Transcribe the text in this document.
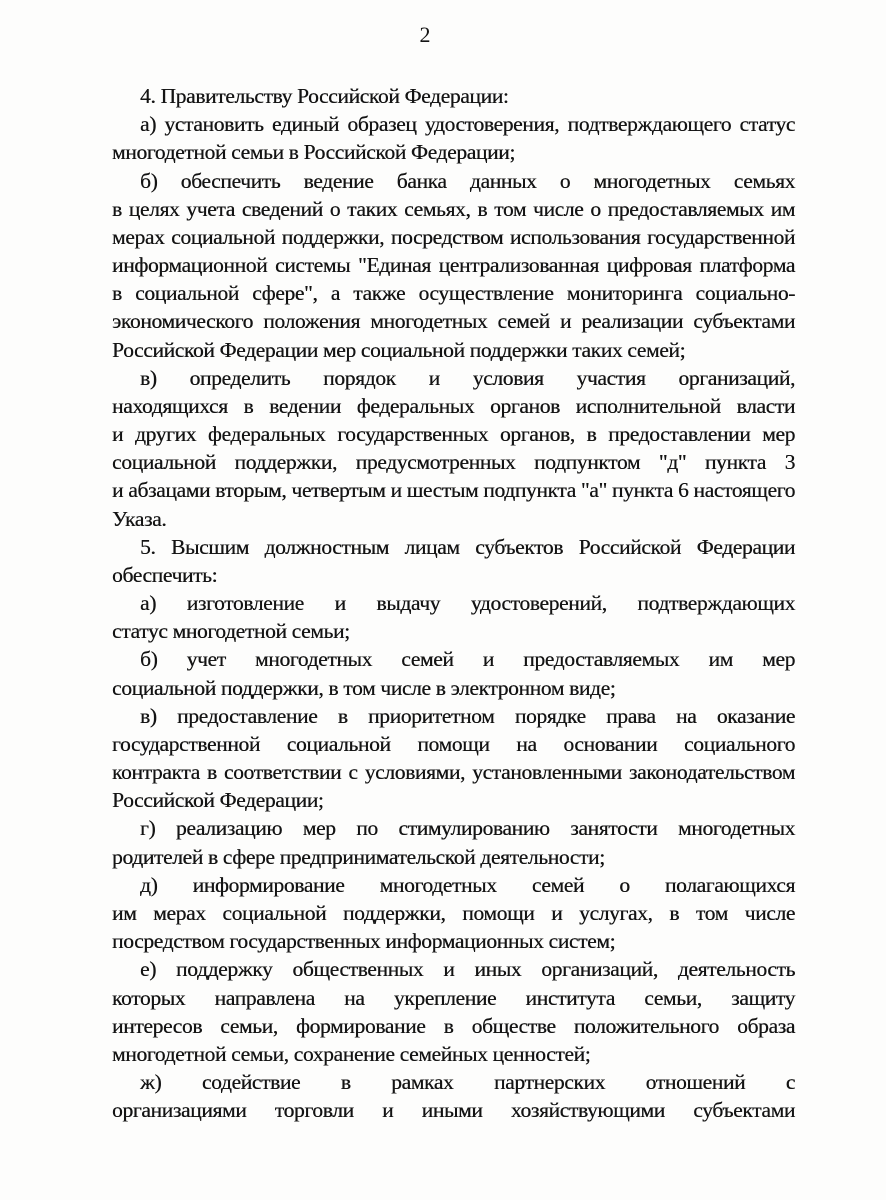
2
4. Правительству Российской Федерации:
а) установить единый образец удостоверения, подтверждающего статус
многодетной семьи в Российской Федерации;
б) обеспечить ведение банка данных о многодетных семьях
в целях учета сведений о таких семьях, в том числе о предоставляемых им
мерах социальной поддержки, посредством использования государственной
информационной системы "Единая централизованная цифровая платформа
в социальной сфере", а также осуществление мониторинга социально-
экономического положения многодетных семей и реализации субъектами
Российской Федерации мер социальной поддержки таких семей;
в) определить порядок и условия участия организаций,
находящихся в ведении федеральных органов исполнительной власти
и других федеральных государственных органов, в предоставлении мер
социальной поддержки, предусмотренных подпунктом "д" пункта 3
и абзацами вторым, четвертым и шестым подпункта "а" пункта 6 настоящего
Указа.
5. Высшим должностным лицам субъектов Российской Федерации
обеспечить:
а) изготовление и выдачу удостоверений, подтверждающих
статус многодетной семьи;
б) учет многодетных семей и предоставляемых им мер
социальной поддержки, в том числе в электронном виде;
в) предоставление в приоритетном порядке права на оказание
государственной социальной помощи на основании социального
контракта в соответствии с условиями, установленными законодательством
Российской Федерации;
г) реализацию мер по стимулированию занятости многодетных
родителей в сфере предпринимательской деятельности;
д) информирование многодетных семей о полагающихся
им мерах социальной поддержки, помощи и услугах, в том числе
посредством государственных информационных систем;
е) поддержку общественных и иных организаций, деятельность
которых направлена на укрепление института семьи, защиту
интересов семьи, формирование в обществе положительного образа
многодетной семьи, сохранение семейных ценностей;
ж) содействие в рамках партнерских отношений с
организациями торговли и иными хозяйствующими субъектами
